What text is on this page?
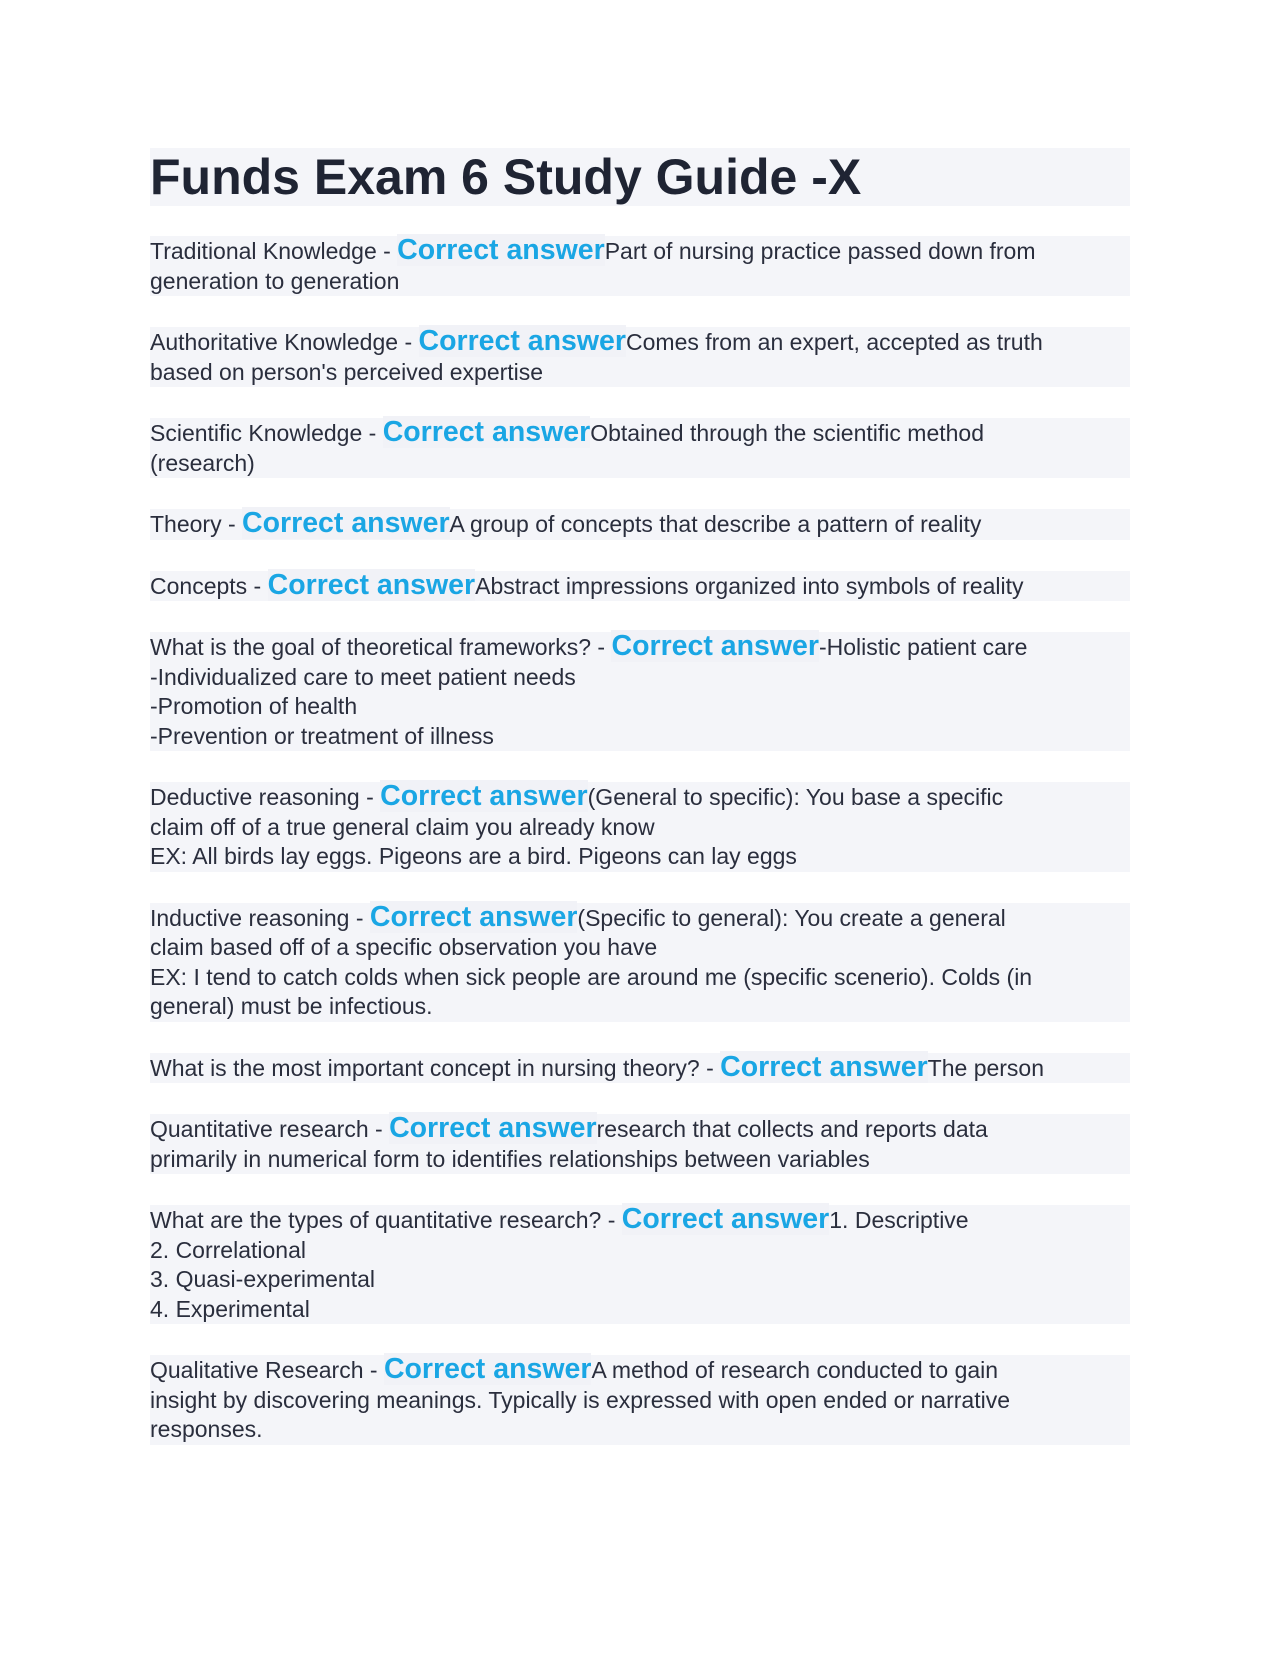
Funds Exam 6 Study Guide -X
Traditional Knowledge - Correct answerPart of nursing practice passed down from
generation to generation
Authoritative Knowledge - Correct answerComes from an expert, accepted as truth
based on person's perceived expertise
Scientific Knowledge - Correct answerObtained through the scientific method
(research)
Theory - Correct answerA group of concepts that describe a pattern of reality
Concepts - Correct answerAbstract impressions organized into symbols of reality
What is the goal of theoretical frameworks? - Correct answer-Holistic patient care
-Individualized care to meet patient needs
-Promotion of health
-Prevention or treatment of illness
Deductive reasoning - Correct answer(General to specific): You base a specific
claim off of a true general claim you already know
EX: All birds lay eggs. Pigeons are a bird. Pigeons can lay eggs
Inductive reasoning - Correct answer(Specific to general): You create a general
claim based off of a specific observation you have
EX: I tend to catch colds when sick people are around me (specific scenerio). Colds (in
general) must be infectious.
What is the most important concept in nursing theory? - Correct answerThe person
Quantitative research - Correct answerresearch that collects and reports data
primarily in numerical form to identifies relationships between variables
What are the types of quantitative research? - Correct answer1. Descriptive
2. Correlational
3. Quasi-experimental
4. Experimental
Qualitative Research - Correct answerA method of research conducted to gain
insight by discovering meanings. Typically is expressed with open ended or narrative
responses.
